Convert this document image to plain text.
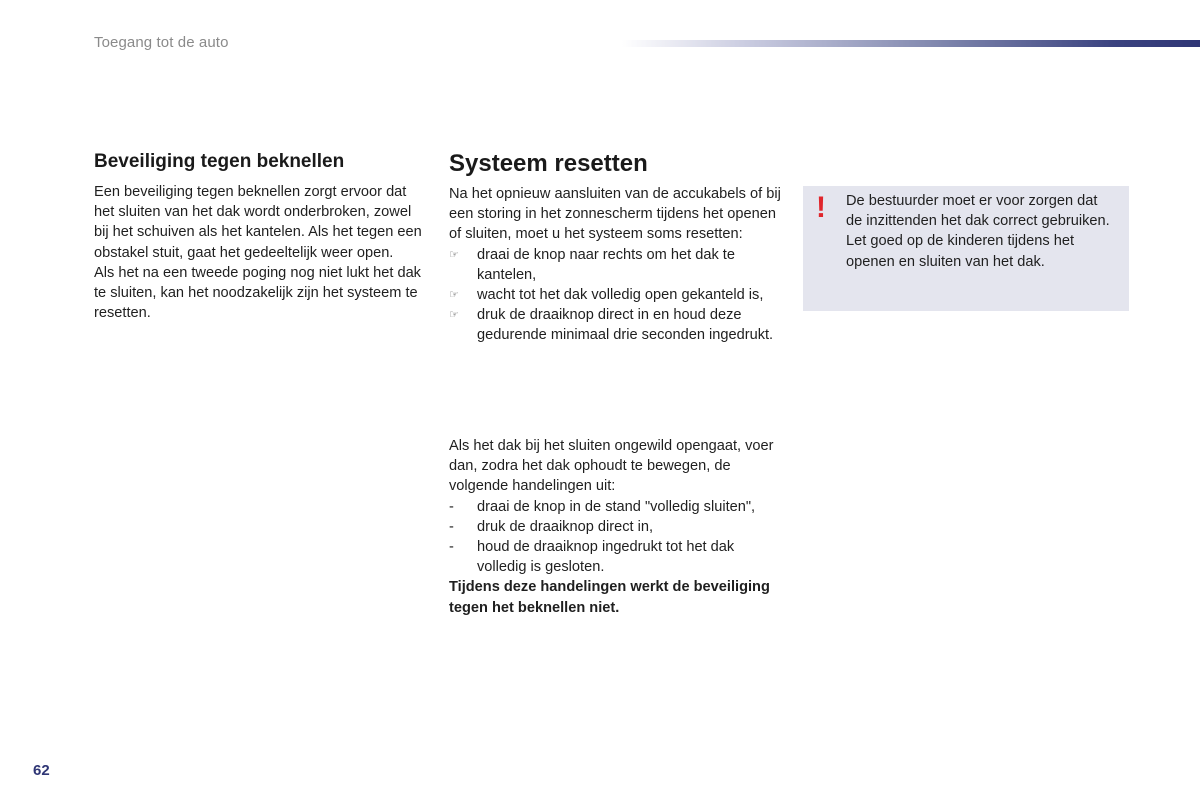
Toegang tot de auto
Beveiliging tegen beknellen

Een beveiliging tegen beknellen zorgt ervoor dat het sluiten van het dak wordt onderbroken, zowel bij het schuiven als het kantelen. Als het tegen een obstakel stuit, gaat het gedeeltelijk weer open.

Als het na een tweede poging nog niet lukt het dak te sluiten, kan het noodzakelijk zijn het systeem te resetten.

Systeem resetten

Na het opnieuw aansluiten van de accukabels of bij een storing in het zonnescherm tijdens het openen of sluiten, moet u het systeem soms resetten:

☞	draai de knop naar rechts om het dak te kantelen,
☞	wacht tot het dak volledig open gekanteld is,
☞	druk de draaiknop direct in en houd deze gedurende minimaal drie seconden ingedrukt.

Als het dak bij het sluiten ongewild opengaat, voer dan, zodra het dak ophoudt te bewegen, de volgende handelingen uit:

-	draai de knop in de stand "volledig sluiten",
-	druk de draaiknop direct in,
-	houd de draaiknop ingedrukt tot het dak volledig is gesloten.

Tijdens deze handelingen werkt de beveiliging tegen het beknellen niet.

! De bestuurder moet er voor zorgen dat de inzittenden het dak correct gebruiken. Let goed op de kinderen tijdens het openen en sluiten van het dak.
62
